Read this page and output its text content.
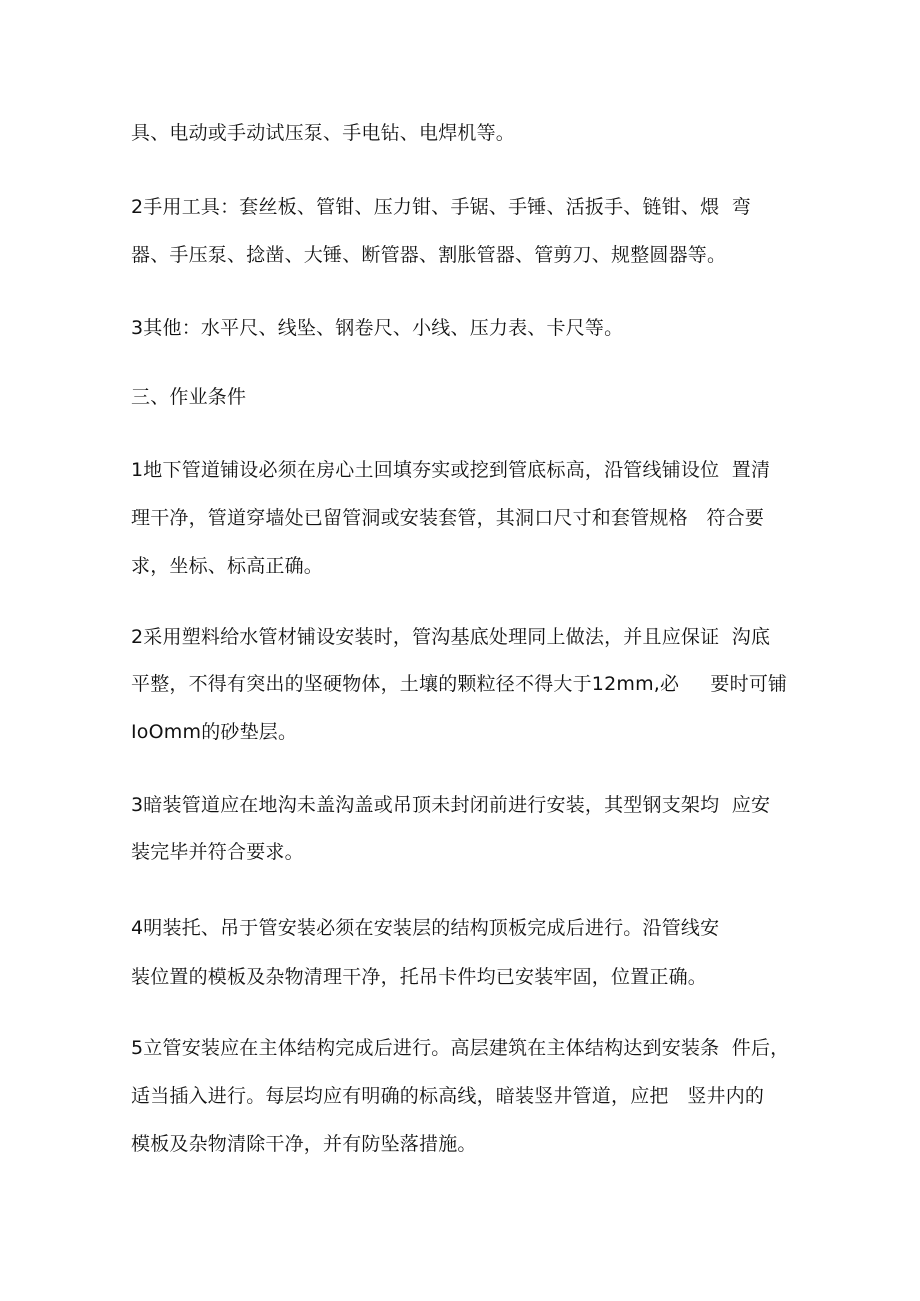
具、电动或手动试压泵、手电钻、电焊机等。
2手用工具：套丝板、管钳、压力钳、手锯、手锤、活扳手、链钳、煨  弯
器、手压泵、捻凿、大锤、断管器、割胀管器、管剪刀、规整圆器等。
3其他：水平尺、线坠、钢卷尺、小线、压力表、卡尺等。
三、作业条件
1地下管道铺设必须在房心土回填夯实或挖到管底标高，沿管线铺设位  置清
理干净，管道穿墙处已留管洞或安装套管，其洞口尺寸和套管规格   符合要
求，坐标、标高正确。
2采用塑料给水管材铺设安装时，管沟基底处理同上做法，并且应保证  沟底
平整，不得有突出的坚硬物体，土壤的颗粒径不得大于12mm,必     要时可铺
IoOmm的砂垫层。
3暗装管道应在地沟未盖沟盖或吊顶未封闭前进行安装，其型钢支架均  应安
装完毕并符合要求。
4明装托、吊于管安装必须在安装层的结构顶板完成后进行。沿管线安
装位置的模板及杂物清理干净，托吊卡件均已安装牢固，位置正确。
5立管安装应在主体结构完成后进行。高层建筑在主体结构达到安装条  件后，
适当插入进行。每层均应有明确的标高线，暗装竖井管道，应把   竖井内的
模板及杂物清除干净，并有防坠落措施。
